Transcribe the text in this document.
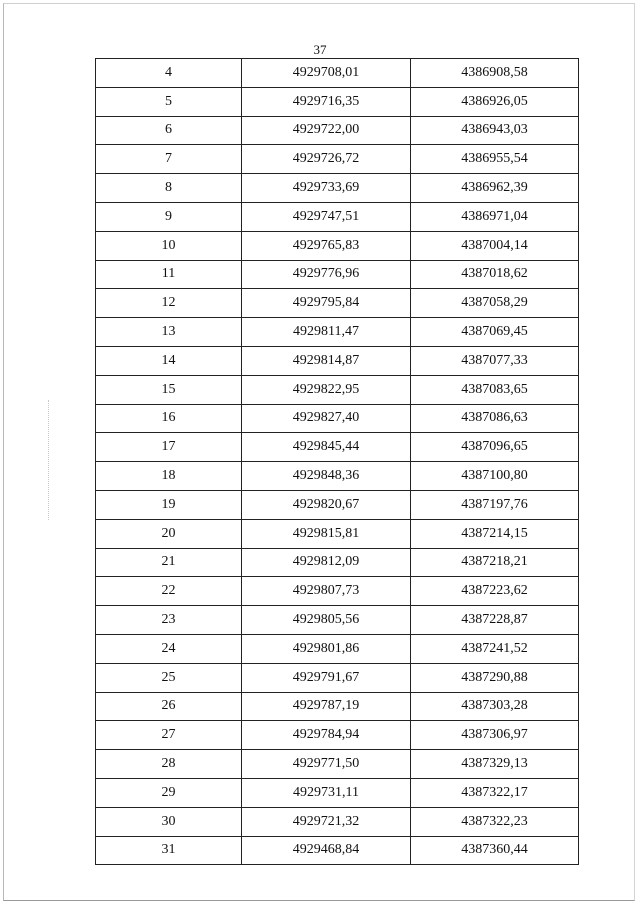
37
4	4929708,01	4386908,58
5	4929716,35	4386926,05
6	4929722,00	4386943,03
7	4929726,72	4386955,54
8	4929733,69	4386962,39
9	4929747,51	4386971,04
10	4929765,83	4387004,14
11	4929776,96	4387018,62
12	4929795,84	4387058,29
13	4929811,47	4387069,45
14	4929814,87	4387077,33
15	4929822,95	4387083,65
16	4929827,40	4387086,63
17	4929845,44	4387096,65
18	4929848,36	4387100,80
19	4929820,67	4387197,76
20	4929815,81	4387214,15
21	4929812,09	4387218,21
22	4929807,73	4387223,62
23	4929805,56	4387228,87
24	4929801,86	4387241,52
25	4929791,67	4387290,88
26	4929787,19	4387303,28
27	4929784,94	4387306,97
28	4929771,50	4387329,13
29	4929731,11	4387322,17
30	4929721,32	4387322,23
31	4929468,84	4387360,44
